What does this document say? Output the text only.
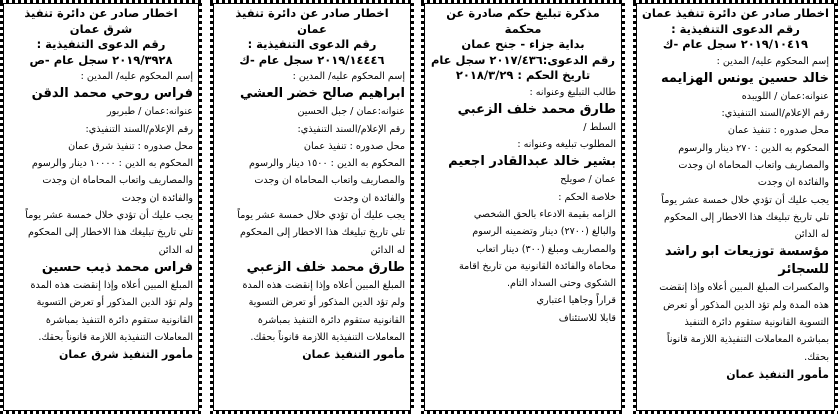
اخطار صادر عن دائرة تنفيذ

شرق عمان

رقم الدعوى التنفيذية :

٢٠١٩/٣٩٢٨ سجل عام -ص

إسم المحكوم عليه/ المدين :

فراس روحي محمد الدقن

عنوانه:عمان / طبربور

رقم الإعلام/السند التنفيذي:

محل صدوره : تنفيذ شرق عمان

المحكوم به الدين : ١٠٠٠٠ دينار والرسوم

والمصاريف واتعاب المحاماة ان وجدت

والفائدة ان وجدت

يجب عليك أن تؤدي خلال خمسة عشر يوماً

تلي تاريخ تبليغك هذا الاخطار إلى المحكوم

له الدائن

فراس محمد ذيب حسين

المبلغ المبين أعلاه وإذا إنقضت هذه المدة

ولم تؤد الدين المذكور أو تعرض التسوية

القانونية ستقوم دائرة التنفيذ بمباشرة

المعاملات التنفيذية اللازمة قانوناً بحقك.

مأمور التنفيذ شرق عمان

اخطار صادر عن دائرة تنفيذ عمان

رقم الدعوى التنفيذية :

٢٠١٩/١٤٤٤٦ سجل عام -ك

إسم المحكوم عليه/ المدين :

ابراهيم صالح خضر العشي

عنوانه:عمان / جبل الحسين

رقم الإعلام/السند التنفيذي:

محل صدوره : تنفيذ عمان

المحكوم به الدين : ١٥٠٠ دينار والرسوم

والمصاريف واتعاب المحاماة ان وجدت

والفائدة ان وجدت

يجب عليك أن تؤدي خلال خمسة عشر يوماً

تلي تاريخ تبليغك هذا الاخطار إلى المحكوم

له الدائن

طارق محمد خلف الزعبي

المبلغ المبين أعلاه وإذا إنقضت هذه المدة

ولم تؤد الدين المذكور أو تعرض التسوية

القانونية ستقوم دائرة التنفيذ بمباشرة

المعاملات التنفيذية اللازمة قانوناً بحقك.

مأمور التنفيذ عمان

مذكرة تبليغ حكم صادرة عن محكمة

بداية جزاء - جنح عمان

رقم الدعوى:٢٠١٧/٤٣٦ سجل عام

تاريخ الحكم : ٢٠١٨/٣/٢٩

طالب التبليغ وعنوانه :

طارق محمد خلف الزعبي

السلط /

المطلوب تبليغه وعنوانه :

بشير خالد عبدالقادر اجعيم

عمان / صويلح

خلاصة الحكم :

الزامه بقيمة الادعاء بالحق الشخصي

والبالغ (٢٧٠٠) دينار وتضمينه الرسوم

والمصاريف ومبلغ (٣٠٠) دينار اتعاب

محاماة والفائدة القانونية من تاريخ اقامة

الشكوى وحتى السداد التام.

قراراً وجاهيا اعتباري

قابلا للاستئناف

اخطار صادر عن دائرة تنفيذ عمان

رقم الدعوى التنفيذية :

٢٠١٩/١٠٤١٩ سجل عام -ك

إسم المحكوم عليه/ المدين :

خالد حسين يونس الهزايمه

عنوانه:عمان / اللويبده

رقم الإعلام/السند التنفيذي:

محل صدوره : تنفيذ عمان

المحكوم به الدين : ٢٧٠ دينار والرسوم

والمصاريف واتعاب المحاماة ان وجدت

والفائدة ان وجدت

يجب عليك أن تؤدي خلال خمسة عشر يوماً

تلي تاريخ تبليغك هذا الاخطار إلى المحكوم

له الدائن

مؤسسة توزيعات ابو راشد للسجائر

والمكسرات المبلغ المبين أعلاه وإذا إنقضت

هذه المدة ولم تؤد الدين المذكور أو تعرض

التسوية القانونية ستقوم دائرة التنفيذ

بمباشرة المعاملات التنفيذية اللازمة قانوناً

بحقك.

مأمور التنفيذ عمان
